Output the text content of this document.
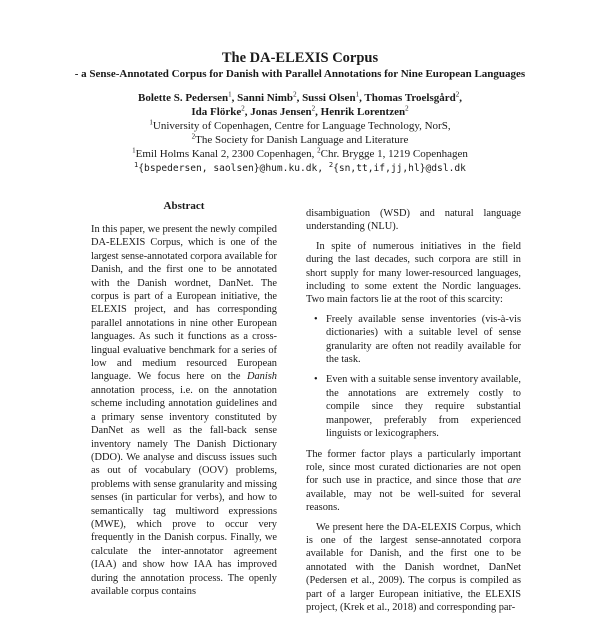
The DA-ELEXIS Corpus
- a Sense-Annotated Corpus for Danish with Parallel Annotations for Nine European Languages
Bolette S. Pedersen$^1$, Sanni Nimb$^2$, Sussi Olsen$^1$, Thomas Troelsgård$^2$,
Ida Flörke$^2$, Jonas Jensen$^2$, Henrik Lorentzen$^2$
$^1$University of Copenhagen, Centre for Language Technology, NorS,
$^2$The Society for Danish Language and Literature
$^1$Emil Holms Kanal 2, 2300 Copenhagen, $^2$Chr. Brygge 1, 1219 Copenhagen
$^1${bspedersen, saolsen}@hum.ku.dk, $^2${sn,tt,if,jj,hl}@dsl.dk
Abstract
In this paper, we present the newly compiled DA-ELEXIS Corpus, which is one of the largest sense-annotated corpora available for Danish, and the first one to be annotated with the Danish wordnet, DanNet. The corpus is part of a European initiative, the ELEXIS project, and has corresponding parallel annotations in nine other European languages. As such it functions as a cross-lingual evaluative benchmark for a series of low and medium resourced European language. We focus here on the Danish annotation process, i.e. on the annotation scheme including annotation guidelines and a primary sense inventory constituted by DanNet as well as the fall-back sense inventory namely The Danish Dictionary (DDO). We analyse and discuss issues such as out of vocabulary (OOV) problems, problems with sense granularity and missing senses (in particular for verbs), and how to semantically tag multiword expressions (MWE), which prove to occur very frequently in the Danish corpus. Finally, we calculate the inter-annotator agreement (IAA) and show how IAA has improved during the annotation process. The openly available corpus contains

disambiguation (WSD) and natural language understanding (NLU).

In spite of numerous initiatives in the field during the last decades, such corpora are still in short supply for many lower-resourced languages, including to some extent the Nordic languages. Two main factors lie at the root of this scarcity:

• Freely available sense inventories (vis-à-vis dictionaries) with a suitable level of sense granularity are often not readily available for the task.
• Even with a suitable sense inventory available, the annotations are extremely costly to compile since they require substantial manpower, preferably from experienced linguists or lexicographers.

The former factor plays a particularly important role, since most curated dictionaries are not open for such use in practice, and since those that are available, may not be well-suited for several reasons.

We present here the DA-ELEXIS Corpus, which is one of the largest sense-annotated corpora available for Danish, and the first one to be annotated with the Danish wordnet, DanNet (Pedersen et al., 2009). The corpus is compiled as part of a larger European initiative, the ELEXIS project, (Krek et al., 2018) and corresponding par-
